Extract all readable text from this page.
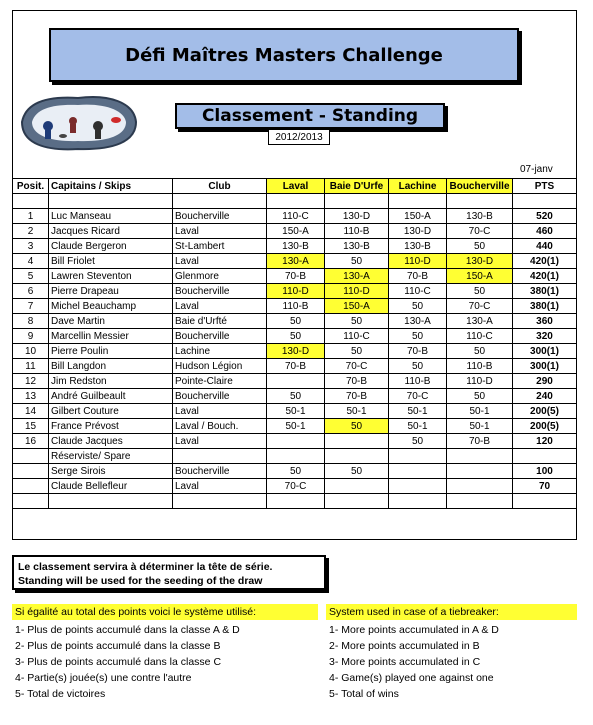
Défi Maîtres Masters Challenge
Classement - Standing
2012/2013
07-janv
Posit.	Capitains / Skips	Club	Laval	Baie D'Urfe	Lachine	Boucherville	PTS

1	Luc Manseau	Boucherville	110-C	130-D	150-A	130-B	520
2	Jacques Ricard	Laval	150-A	110-B	130-D	70-C	460
3	Claude Bergeron	St-Lambert	130-B	130-B	130-B	50	440
4	Bill Friolet	Laval	130-A	50	110-D	130-D	420(1)
5	Lawren Steventon	Glenmore	70-B	130-A	70-B	150-A	420(1)
6	Pierre Drapeau	Boucherville	110-D	110-D	110-C	50	380(1)
7	Michel Beauchamp	Laval	110-B	150-A	50	70-C	380(1)
8	Dave Martin	Baie d'Urfté	50	50	130-A	130-A	360
9	Marcellin Messier	Boucherville	50	110-C	50	110-C	320
10	Pierre Poulin	Lachine	130-D	50	70-B	50	300(1)
11	Bill Langdon	Hudson Légion	70-B	70-C	50	110-B	300(1)
12	Jim Redston	Pointe-Claire		70-B	110-B	110-D	290
13	André Guilbeault	Boucherville	50	70-B	70-C	50	240
14	Gilbert Couture	Laval	50-1	50-1	50-1	50-1	200(5)
15	France Prévost	Laval / Bouch.	50-1	50	50-1	50-1	200(5)
16	Claude Jacques	Laval			50	70-B	120
	Réserviste/ Spare						
	Serge Sirois	Boucherville	50	50			100
	Claude Bellefleur	Laval	70-C				70

Le classement servira à déterminer la tête de série.
Standing will be used for the seeding of the draw
Si égalité au total des points voici le système utilisé:	System used in case of a tiebreaker:
1- Plus de points accumulé dans la classe A & D
2- Plus de points accumulé dans la classe B
3- Plus de points accumulé dans la classe C
4- Partie(s) jouée(s) une contre l'autre
5- Total de victoires
1- More points accumulated in A & D
2- More points accumulated in B
3- More points accumulated in C
4- Game(s) played one against one
5- Total of wins
